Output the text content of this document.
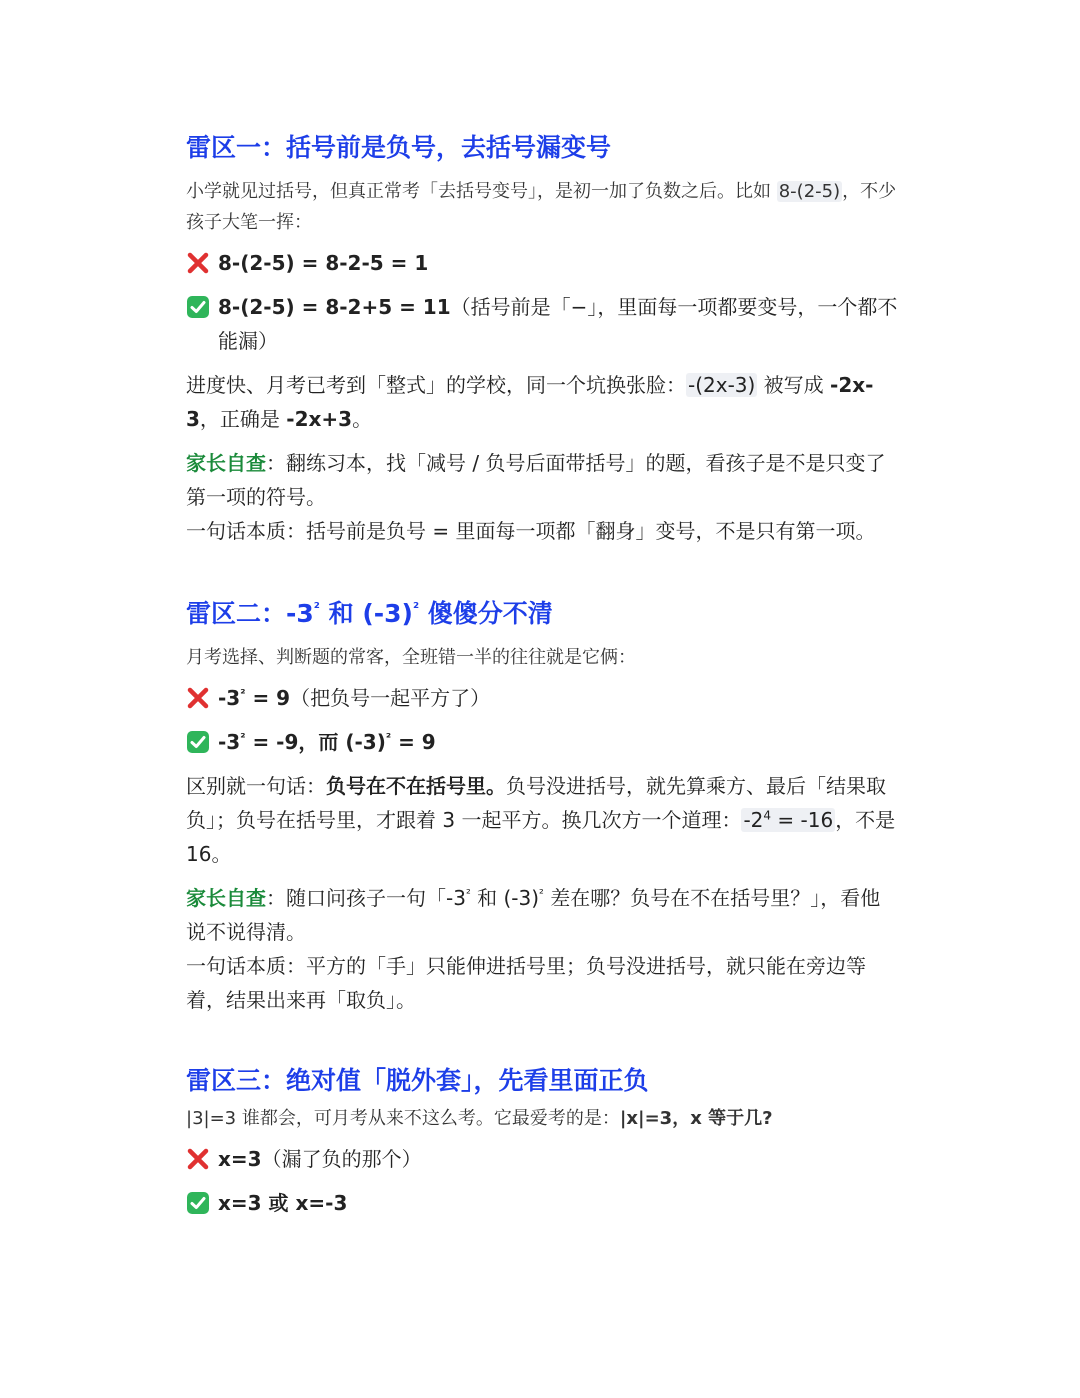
雷区一：括号前是负号，去括号漏变号
小学就见过括号，但真正常考「去括号变号」，是初一加了负数之后。比如 8-(2-5) ，不少孩子大笔一挥：
8-(2-5) = 8-2-5 = 1
8-(2-5) = 8-2+5 = 11（括号前是「−」，里面每一项都要变号，一个都不能漏）
进度快、月考已考到「整式」的学校，同一个坑换张脸： -(2x-3) 被写成 -2x-3，正确是 -2x+3。
家长自查：翻练习本，找「减号 / 负号后面带括号」的题，看孩子是不是只变了第一项的符号。
一句话本质：括号前是负号 = 里面每一项都「翻身」变号，不是只有第一项。
雷区二：$-3^{^2}$ 和 $(-3)^{^2}$ 傻傻分不清
月考选择、判断题的常客，全班错一半的往往就是它俩：
$-3^{^2} = 9$（把负号一起平方了）
$-3^{^2} = -9$，而 $(-3)^{^2} = 9$
区别就一句话：负号在不在括号里。负号没进括号，就先算乘方、最后「结果取负」；负号在括号里，才跟着 3 一起平方。换几次方一个道理： $-2^4 = -16$ ，不是 16。
家长自查：随口问孩子一句「$-3^{^2}$ 和 $(-3)^{^2}$ 差在哪？负号在不在括号里？」，看他说不说得清。
一句话本质：平方的「手」只能伸进括号里；负号没进括号，就只能在旁边等着，结果出来再「取负」。
雷区三：绝对值「脱外套」，先看里面正负
|3|=3 谁都会，可月考从来不这么考。它最爱考的是：|x|=3，x 等于几?
x=3（漏了负的那个）
x=3 或 x=-3
